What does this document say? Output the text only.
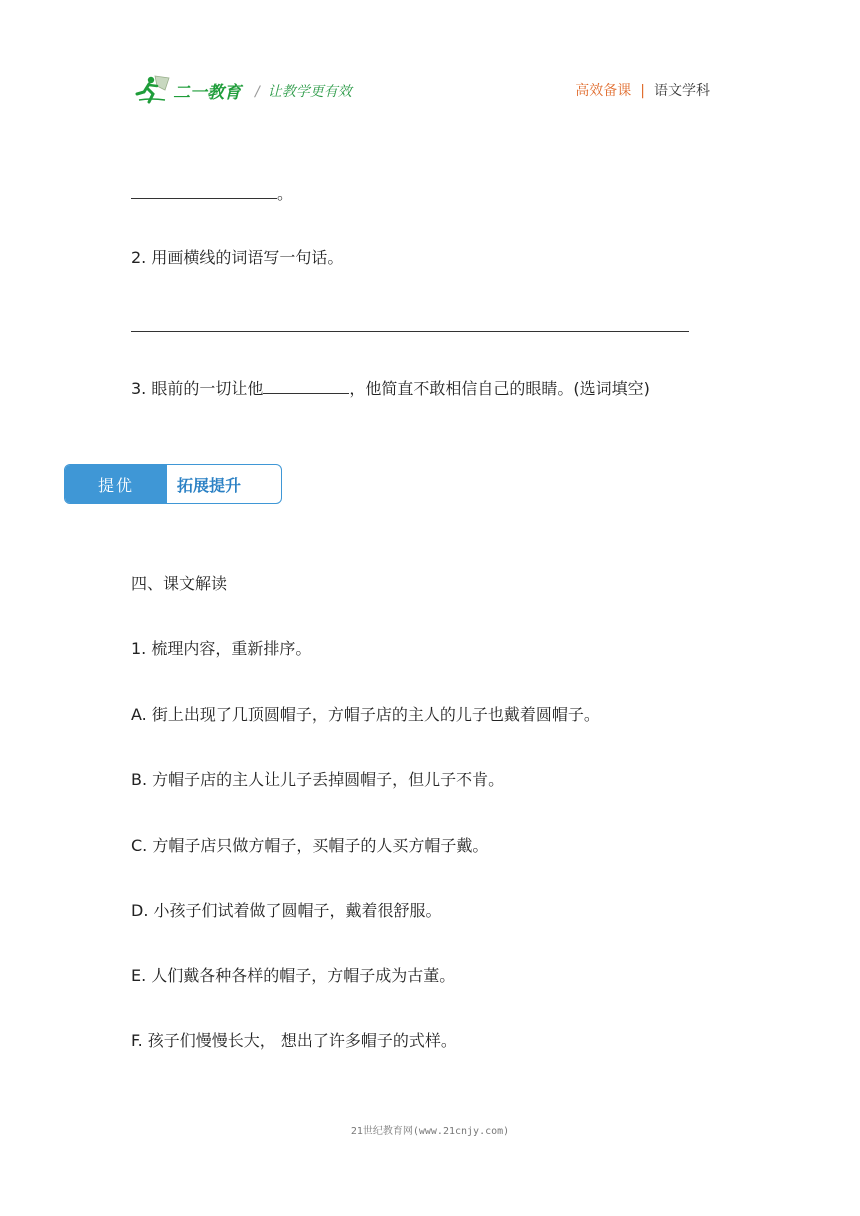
二一教育 / 让教学更有效	高效备课 | 语文学科
。
2. 用画横线的词语写一句话。
3. 眼前的一切让他	，他简直不敢相信自己的眼睛。(选词填空)
提优	拓展提升
四、课文解读
1. 梳理内容，重新排序。
A. 街上出现了几顶圆帽子，方帽子店的主人的儿子也戴着圆帽子。
B. 方帽子店的主人让儿子丢掉圆帽子，但儿子不肯。
C. 方帽子店只做方帽子，买帽子的人买方帽子戴。
D. 小孩子们试着做了圆帽子，戴着很舒服。
E. 人们戴各种各样的帽子，方帽子成为古董。
F. 孩子们慢慢长大， 想出了许多帽子的式样。
21世纪教育网(www.21cnjy.com)
